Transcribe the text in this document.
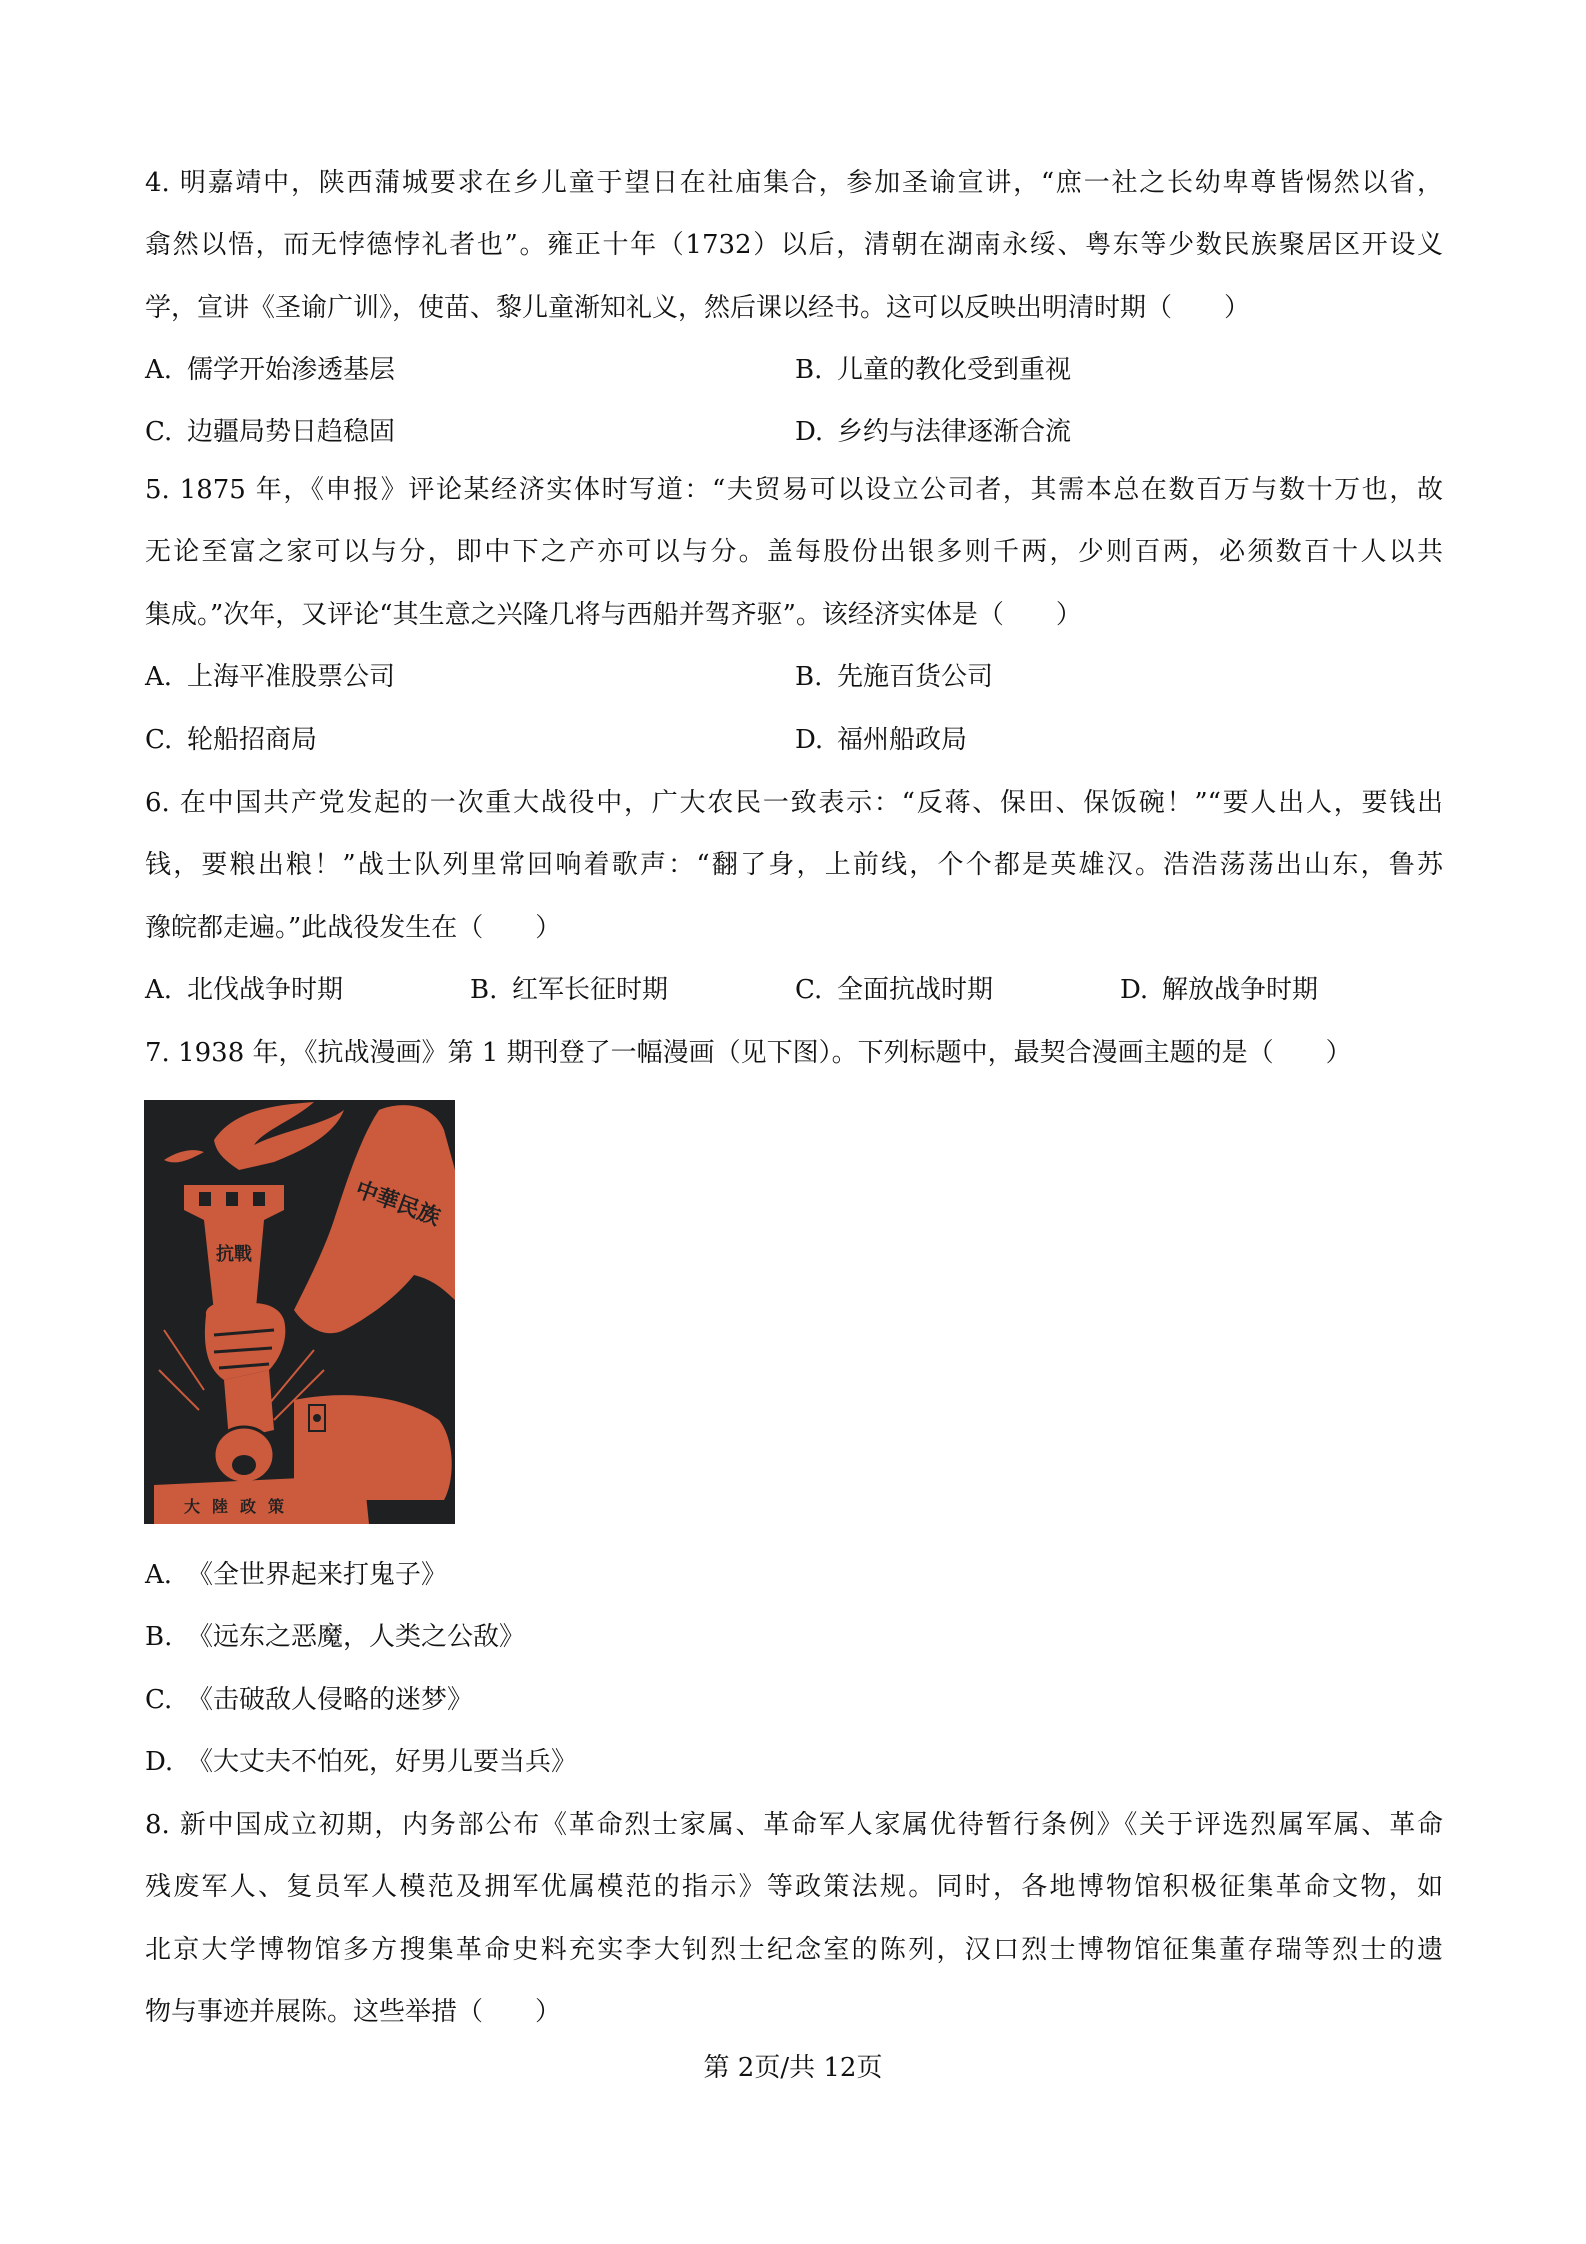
4. 明嘉靖中，陕西蒲城要求在乡儿童于望日在社庙集合，参加圣谕宣讲，“庶一社之长幼卑尊皆惕然以省，
翕然以悟，而无悖德悖礼者也”。雍正十年（1732）以后，清朝在湖南永绥、粤东等少数民族聚居区开设义
学，宣讲《圣谕广训》，使苗、黎儿童渐知礼义，然后课以经书。这可以反映出明清时期（　　）
A. 儒学开始渗透基层	B. 儿童的教化受到重视
C. 边疆局势日趋稳固	D. 乡约与法律逐渐合流
5. 1875 年，《申报》评论某经济实体时写道：“夫贸易可以设立公司者，其需本总在数百万与数十万也，故
无论至富之家可以与分，即中下之产亦可以与分。盖每股份出银多则千两，少则百两，必须数百十人以共
集成。”次年，又评论“其生意之兴隆几将与西船并驾齐驱”。该经济实体是（　　）
A. 上海平准股票公司	B. 先施百货公司
C. 轮船招商局	D. 福州船政局
6. 在中国共产党发起的一次重大战役中，广大农民一致表示：“反蒋、保田、保饭碗！”“要人出人，要钱出
钱，要粮出粮！”战士队列里常回响着歌声：“翻了身，上前线，个个都是英雄汉。浩浩荡荡出山东，鲁苏
豫皖都走遍。”此战役发生在（　　）
A. 北伐战争时期	B. 红军长征时期	C. 全面抗战时期	D. 解放战争时期
7. 1938 年，《抗战漫画》第 1 期刊登了一幅漫画（见下图）。下列标题中，最契合漫画主题的是（　　）
中華民族
抗戰
大陸政策
A. 《全世界起来打鬼子》
B. 《远东之恶魔，人类之公敌》
C. 《击破敌人侵略的迷梦》
D. 《大丈夫不怕死，好男儿要当兵》
8. 新中国成立初期，内务部公布《革命烈士家属、革命军人家属优待暂行条例》《关于评选烈属军属、革命
残废军人、复员军人模范及拥军优属模范的指示》等政策法规。同时，各地博物馆积极征集革命文物，如
北京大学博物馆多方搜集革命史料充实李大钊烈士纪念室的陈列，汉口烈士博物馆征集董存瑞等烈士的遗
物与事迹并展陈。这些举措（　　）
第 2页/共 12页
